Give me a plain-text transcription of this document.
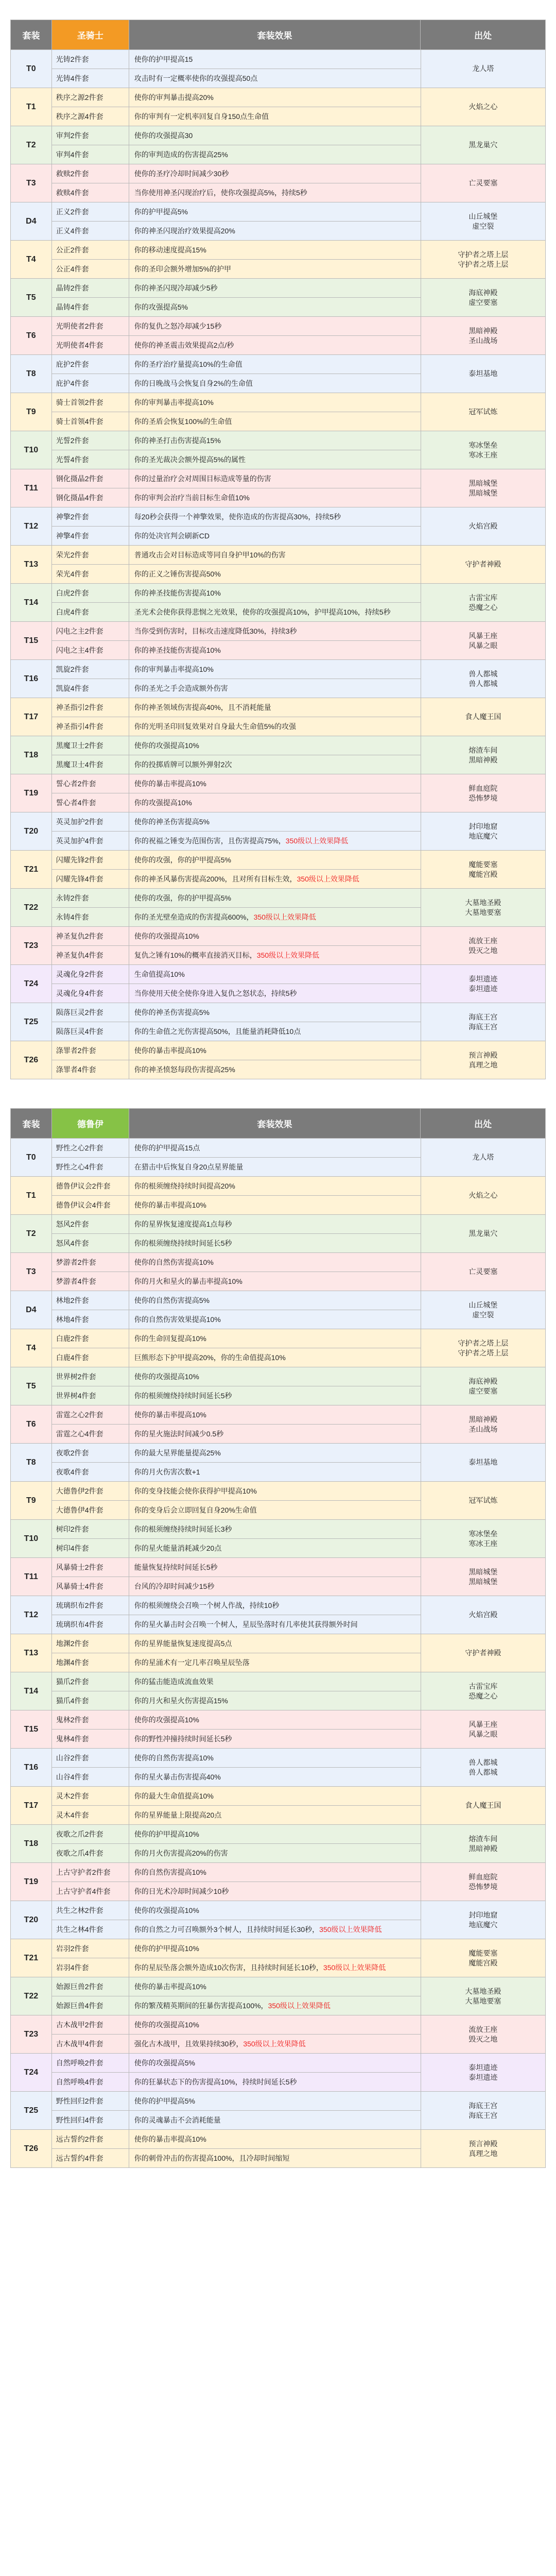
套装	圣骑士	套装效果	出处
T0
光铸2件套	使你的护甲提高15
光铸4件套	攻击时有一定概率使你的攻强提高50点
龙人塔
T1
秩序之源2件套	使你的审判暴击提高20%
秩序之源4件套	你的审判有一定机率回复自身150点生命值
火焰之心
T2
审判2件套	使你的攻强提高30
审判4件套	你的审判造成的伤害提高25%
黑龙巢穴
T3
救赎2件套	使你的圣疗冷却时间减少30秒
救赎4件套	当你使用神圣闪现治疗后，使你攻强提高5%，持续5秒
亡灵要塞
D4
正义2件套	你的护甲提高5%
正义4件套	你的神圣闪现治疗效果提高20%
山丘城堡
虚空裂
T4
公正2件套	你的移动速度提高15%
公正4件套	你的圣印会额外增加5%的护甲
守护者之塔上层
守护者之塔上层
T5
晶铸2件套	你的神圣闪现冷却减少5秒
晶铸4件套	你的攻强提高5%
海底神殿
虚空要塞
T6
光明使者2件套	你的复仇之怒冷却减少15秒
光明使者4件套	使你的神圣震击效果提高2点/秒
黑暗神殿
圣山战场
T8
庇护2件套	你的圣疗治疗量提高10%的生命值
庇护4件套	你的日晚战马会恢复自身2%的生命值
泰坦基地
T9
骑士首领2件套	你的审判暴击率提高10%
骑士首领4件套	你的圣盾会恢复100%的生命值
冠军试炼
T10
光誓2件套	你的神圣打击伤害提高15%
光誓4件套	你的圣光裁决会额外提高5%的属性
寒冰堡垒
寒冰王座
T11
钢化摄晶2件套	你的过量治疗会对周围目标造成等量的伤害
钢化摄晶4件套	你的审判会治疗当前目标生命值10%
黑暗城堡
黑暗城堡
T12
神擎2件套	每20秒会获得一个神擎效果，使你造成的伤害提高30%，持续5秒
神擎4件套	你的处决官判会刷新CD
火焰宫殿
T13
荣光2件套	普通攻击会对目标造成等同自身护甲10%的伤害
荣光4件套	你的正义之锤伤害提高50%
守护者神殿
T14
白虎2件套	你的神圣技能伤害提高10%
白虎4件套	圣光术会使你获得悲悯之光效果，使你的攻强提高10%，护甲提高10%，持续5秒
古雷宝库
恐魔之心
T15
闪电之主2件套	当你受到伤害时，目标攻击速度降低30%，持续3秒
闪电之主4件套	你的神圣技能伤害提高10%
风暴王座
风暴之眼
T16
凯旋2件套	你的审判暴击率提高10%
凯旋4件套	你的圣光之手会造成额外伤害
兽人都城
兽人都城
T17
神圣指引2件套	你的神圣领域伤害提高40%，且不消耗能量
神圣指引4件套	你的光明圣印回复效果对自身最大生命值5%的攻强
食人魔王国
T18
黑魔卫士2件套	使你的攻强提高10%
黑魔卫士4件套	你的投掷盾牌可以额外弹射2次
熔渣车间
黑暗神殿
T19
誓心者2件套	使你的暴击率提高10%
誓心者4件套	你的攻强提高10%
鲜血庭院
恐怖梦境
T20
英灵加护2件套	使你的神圣伤害提高5%
英灵加护4件套	你的祝福之锤变为范围伤害，且伤害提高75%，350级以上效果降低
封印地窟
地底魔穴
T21
闪耀先锋2件套	使你的攻强，你的护甲提高5%
闪耀先锋4件套	你的神圣风暴伤害提高200%，且对所有目标生效，350级以上效果降低
魔能要塞
魔能宫殿
T22
永铸2件套	使你的攻强，你的护甲提高5%
永铸4件套	你的圣光壁垒造成的伤害提高600%，350级以上效果降低
大墓地圣殿
大墓地要塞
T23
神圣复仇2件套	使你的攻强提高10%
神圣复仇4件套	复仇之锤有10%的概率直接消灭目标，350级以上效果降低
流放王座
毁灭之地
T24
灵魂化身2件套	生命值提高10%
灵魂化身4件套	当你使用天使全使你身进入复仇之怒状态，持续5秒
泰坦遗迹
泰坦遗迹
T25
陨落巨灵2件套	使你的神圣伤害提高5%
陨落巨灵4件套	你的生命值之光伤害提高50%，且能量消耗降低10点
海底王宫
海底王宫
T26
涤罪者2件套	使你的暴击率提高10%
涤罪者4件套	你的神圣愤怒每段伤害提高25%
预言神殿
真理之地
套装	德鲁伊	套装效果	出处
T0
野性之心2件套	使你的护甲提高15点
野性之心4件套	在猎击中后恢复自身20点星界能量
龙人塔
T1
德鲁伊议会2件套	你的根须缠绕持续时间提高20%
德鲁伊议会4件套	使你的暴击率提高10%
火焰之心
T2
怒风2件套	你的星界恢复速度提高1点每秒
怒风4件套	你的根须缠绕持续时间延长5秒
黑龙巢穴
T3
梦游者2件套	使你的自然伤害提高10%
梦游者4件套	你的月火和星火的暴击率提高10%
亡灵要塞
D4
林地2件套	使你的自然伤害提高5%
林地4件套	你的自然伤害效果提高10%
山丘城堡
虚空裂
T4
白鹿2件套	你的生命回复提高10%
白鹿4件套	巨熊形态下护甲提高20%，你的生命值提高10%
守护者之塔上层
守护者之塔上层
T5
世界树2件套	使你的攻强提高10%
世界树4件套	你的根须缠绕持续时间延长5秒
海底神殿
虚空要塞
T6
雷霆之心2件套	使你的暴击率提高10%
雷霆之心4件套	你的星火施法时间减少0.5秒
黑暗神殿
圣山战场
T8
夜歌2件套	你的最大星界能量提高25%
夜歌4件套	你的月火伤害次数+1
泰坦基地
T9
大德鲁伊2件套	你的变身技能会使你获得护甲提高10%
大德鲁伊4件套	你的变身后会立即回复自身20%生命值
冠军试炼
T10
树印2件套	你的根须缠绕持续时间延长3秒
树印4件套	你的星火能量消耗减少20点
寒冰堡垒
寒冰王座
T11
风暴骑士2件套	能量恢复持续时间延长5秒
风暴骑士4件套	台风的冷却时间减少15秒
黑暗城堡
黑暗城堡
T12
琉璃织布2件套	你的根须缠绕会召唤一个树人作战，持续10秒
琉璃织布4件套	你的星火暴击时会召唤一个树人，星辰坠落时有几率使其获得额外时间
火焰宫殿
T13
地渊2件套	你的星界能量恢复速度提高5点
地渊4件套	你的星涌术有一定几率召唤星辰坠落
守护者神殿
T14
猫爪2件套	你的猛击能造成流血效果
猫爪4件套	你的月火和星火伤害提高15%
古雷宝库
恐魔之心
T15
鬼林2件套	使你的攻强提高10%
鬼林4件套	你的野性冲撞持续时间延长5秒
风暴王座
风暴之眼
T16
山谷2件套	使你的自然伤害提高10%
山谷4件套	你的星火暴击伤害提高40%
兽人都城
兽人都城
T17
灵木2件套	你的最大生命值提高10%
灵木4件套	你的星界能量上限提高20点
食人魔王国
T18
夜歌之爪2件套	使你的护甲提高10%
夜歌之爪4件套	你的月火伤害提高20%的伤害
熔渣车间
黑暗神殿
T19
上古守护者2件套	你的自然伤害提高10%
上古守护者4件套	你的日光术冷却时间减少10秒
鲜血庭院
恐怖梦境
T20
共生之林2件套	使你的攻强提高10%
共生之林4件套	你的自然之力可召唤额外3个树人，且持续时间延长30秒，350级以上效果降低
封印地窟
地底魔穴
T21
岩羽2件套	使你的护甲提高10%
岩羽4件套	你的星辰坠落会额外造成10次伤害，且持续时间延长10秒，350级以上效果降低
魔能要塞
魔能宫殿
T22
始源巨兽2件套	使你的暴击率提高10%
始源巨兽4件套	你的繁茂精英期间的狂暴伤害提高100%，350级以上效果降低
大墓地圣殿
大墓地要塞
T23
古木战甲2件套	使你的攻强提高10%
古木战甲4件套	强化古木战甲，且效果持续30秒，350级以上效果降低
流放王座
毁灭之地
T24
自然呼唤2件套	使你的攻强提高5%
自然呼唤4件套	你的狂暴状态下的伤害提高10%，持续时间延长5秒
泰坦遗迹
泰坦遗迹
T25
野性回归2件套	使你的护甲提高5%
野性回归4件套	你的灵魂暴击不会消耗能量
海底王宫
海底王宫
T26
远古誓约2件套	使你的暴击率提高10%
远古誓约4件套	你的刺骨冲击的伤害提高100%，且冷却时间缩短
预言神殿
真理之地
